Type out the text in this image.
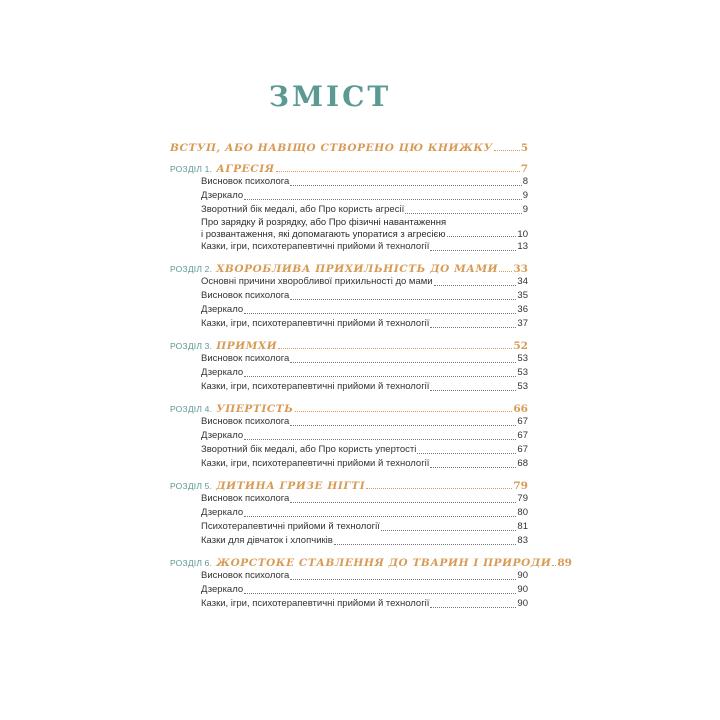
ЗМІСТ
ВСТУП, АБО НАВІЩО СТВОРЕНО ЦЮ КНИЖКУ	5
РОЗДІЛ 1. АГРЕСІЯ	7
Висновок психолога	8
Дзеркало	9
Зворотний бік медалі, або Про користь агресії	9
Про зарядку й розрядку, або Про фізичні навантаження
і розвантаження, які допомагають упоратися з агресією	10
Казки, ігри, психотерапевтичні прийоми й технології	13
РОЗДІЛ 2. ХВОРОБЛИВА ПРИХИЛЬНІСТЬ ДО МАМИ 33
Основні причини хворобливої прихильності до мами	34
Висновок психолога	35
Дзеркало	36
Казки, ігри, психотерапевтичні прийоми й технології	37
РОЗДІЛ 3. ПРИМХИ	52
Висновок психолога	53
Дзеркало	53
Казки, ігри, психотерапевтичні прийоми й технології	53
РОЗДІЛ 4. УПЕРТІСТЬ	66
Висновок психолога	67
Дзеркало	67
Зворотний бік медалі, або Про користь упертості	67
Казки, ігри, психотерапевтичні прийоми й технології	68
РОЗДІЛ 5. ДИТИНА ГРИЗЕ НІГТІ	79
Висновок психолога	79
Дзеркало	80
Психотерапевтичні прийоми й технології	81
Казки для дівчаток і хлопчиків	83
РОЗДІЛ 6. ЖОРСТОКЕ СТАВЛЕННЯ ДО ТВАРИН І ПРИРОДИ 89
Висновок психолога	90
Дзеркало	90
Казки, ігри, психотерапевтичні прийоми й технології	90
